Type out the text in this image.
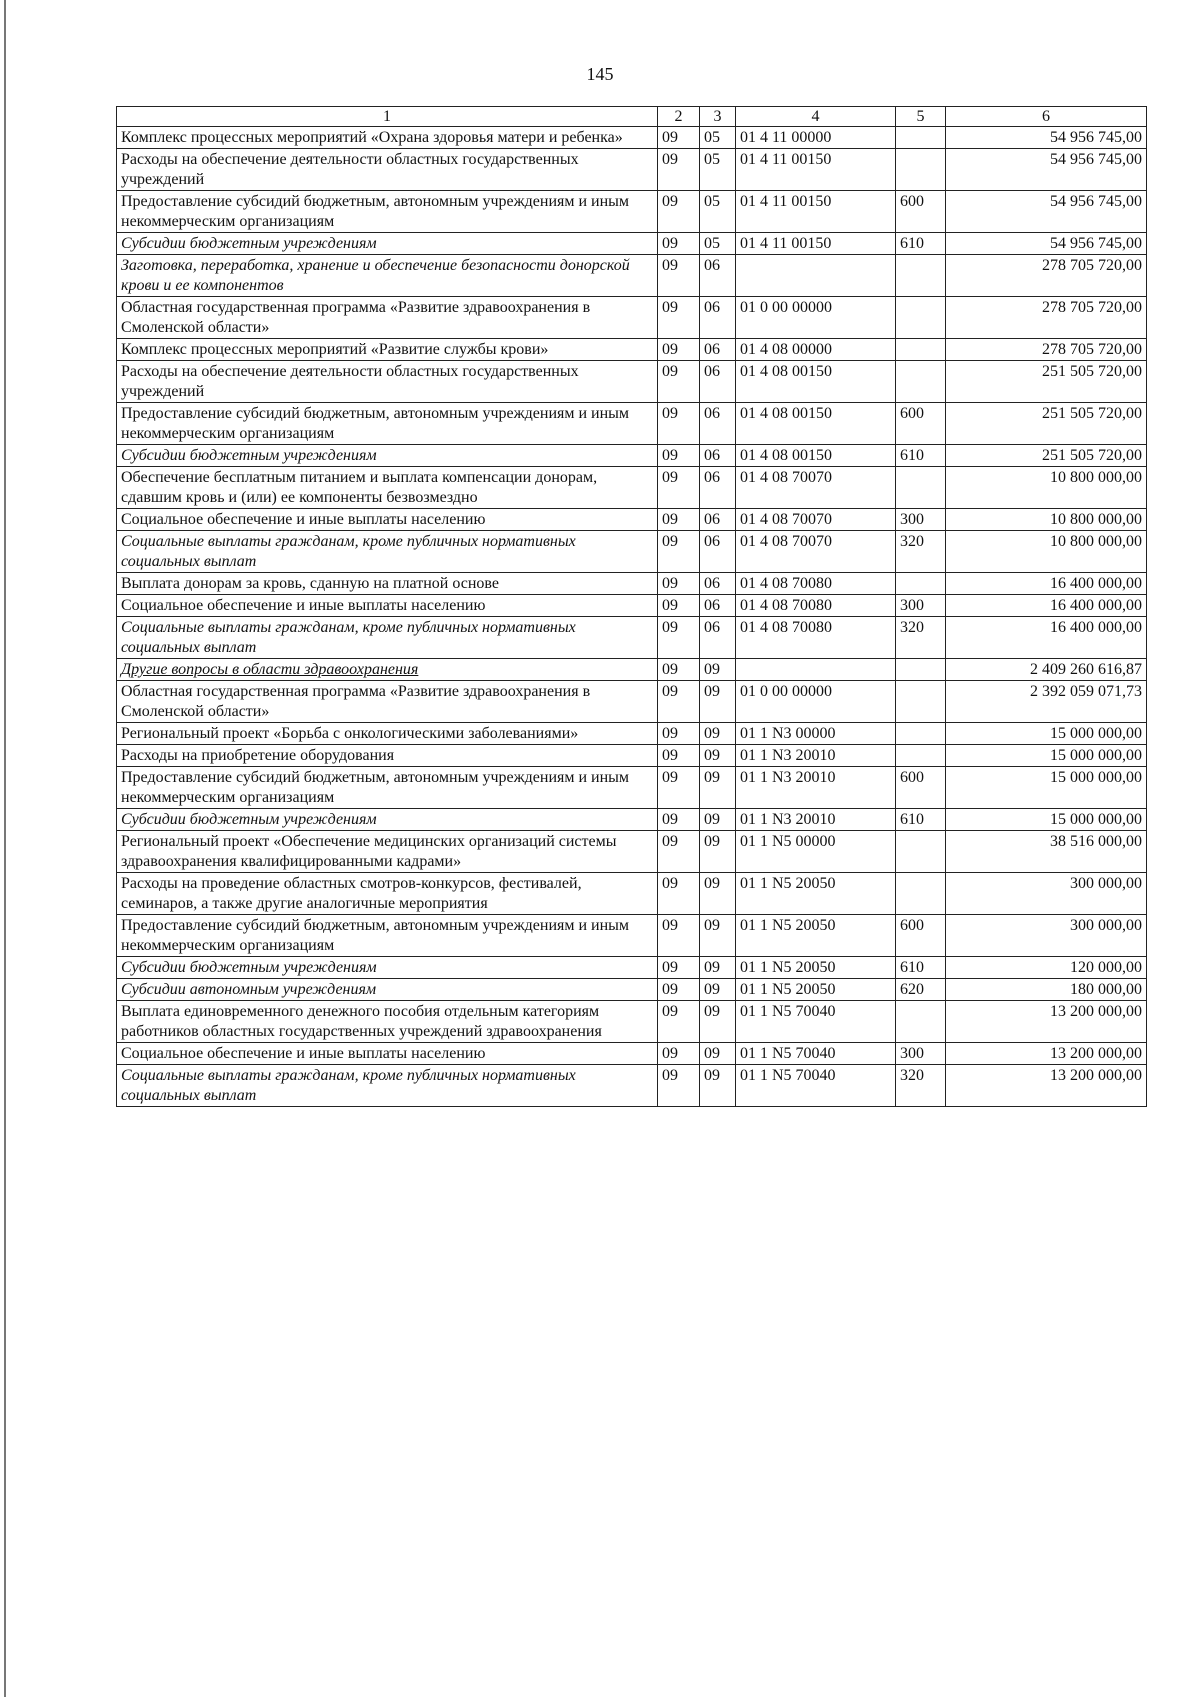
145
1	2	3	4	5	6
Комплекс процессных мероприятий «Охрана здоровья матери и ребенка»	09	05	01 4 11 00000		54 956 745,00
Расходы на обеспечение деятельности областных государственных учреждений	09	05	01 4 11 00150		54 956 745,00
Предоставление субсидий бюджетным, автономным учреждениям и иным некоммерческим организациям	09	05	01 4 11 00150	600	54 956 745,00
Субсидии бюджетным учреждениям	09	05	01 4 11 00150	610	54 956 745,00
Заготовка, переработка, хранение и обеспечение безопасности донорской крови и ее компонентов	09	06			278 705 720,00
Областная государственная программа «Развитие здравоохранения в Смоленской области»	09	06	01 0 00 00000		278 705 720,00
Комплекс процессных мероприятий «Развитие службы крови»	09	06	01 4 08 00000		278 705 720,00
Расходы на обеспечение деятельности областных государственных учреждений	09	06	01 4 08 00150		251 505 720,00
Предоставление субсидий бюджетным, автономным учреждениям и иным некоммерческим организациям	09	06	01 4 08 00150	600	251 505 720,00
Субсидии бюджетным учреждениям	09	06	01 4 08 00150	610	251 505 720,00
Обеспечение бесплатным питанием и выплата компенсации донорам, сдавшим кровь и (или) ее компоненты безвозмездно	09	06	01 4 08 70070		10 800 000,00
Социальное обеспечение и иные выплаты населению	09	06	01 4 08 70070	300	10 800 000,00
Социальные выплаты гражданам, кроме публичных нормативных социальных выплат	09	06	01 4 08 70070	320	10 800 000,00
Выплата донорам за кровь, сданную на платной основе	09	06	01 4 08 70080		16 400 000,00
Социальное обеспечение и иные выплаты населению	09	06	01 4 08 70080	300	16 400 000,00
Социальные выплаты гражданам, кроме публичных нормативных социальных выплат	09	06	01 4 08 70080	320	16 400 000,00
Другие вопросы в области здравоохранения	09	09			2 409 260 616,87
Областная государственная программа «Развитие здравоохранения в Смоленской области»	09	09	01 0 00 00000		2 392 059 071,73
Региональный проект «Борьба с онкологическими заболеваниями»	09	09	01 1 N3 00000		15 000 000,00
Расходы на приобретение оборудования	09	09	01 1 N3 20010		15 000 000,00
Предоставление субсидий бюджетным, автономным учреждениям и иным некоммерческим организациям	09	09	01 1 N3 20010	600	15 000 000,00
Субсидии бюджетным учреждениям	09	09	01 1 N3 20010	610	15 000 000,00
Региональный проект «Обеспечение медицинских организаций системы здравоохранения квалифицированными кадрами»	09	09	01 1 N5 00000		38 516 000,00
Расходы на проведение областных смотров-конкурсов, фестивалей, семинаров, а также другие аналогичные мероприятия	09	09	01 1 N5 20050		300 000,00
Предоставление субсидий бюджетным, автономным учреждениям и иным некоммерческим организациям	09	09	01 1 N5 20050	600	300 000,00
Субсидии бюджетным учреждениям	09	09	01 1 N5 20050	610	120 000,00
Субсидии автономным учреждениям	09	09	01 1 N5 20050	620	180 000,00
Выплата единовременного денежного пособия отдельным категориям работников областных государственных учреждений здравоохранения	09	09	01 1 N5 70040		13 200 000,00
Социальное обеспечение и иные выплаты населению	09	09	01 1 N5 70040	300	13 200 000,00
Социальные выплаты гражданам, кроме публичных нормативных социальных выплат	09	09	01 1 N5 70040	320	13 200 000,00
